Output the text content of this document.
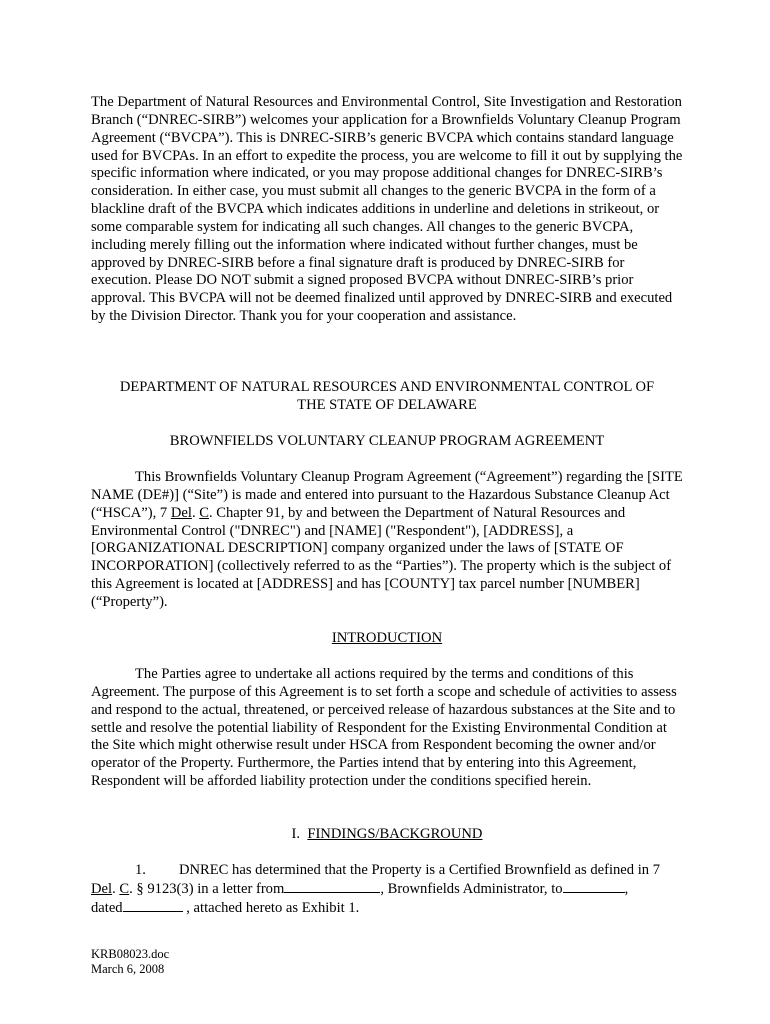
The Department of Natural Resources and Environmental Control, Site Investigation and Restoration Branch (“DNREC-SIRB”) welcomes your application for a Brownfields Voluntary Cleanup Program Agreement (“BVCPA”). This is DNREC-SIRB’s generic BVCPA which contains standard language used for BVCPAs. In an effort to expedite the process, you are welcome to fill it out by supplying the specific information where indicated, or you may propose additional changes for DNREC-SIRB’s consideration. In either case, you must submit all changes to the generic BVCPA in the form of a blackline draft of the BVCPA which indicates additions in underline and deletions in strikeout, or some comparable system for indicating all such changes. All changes to the generic BVCPA, including merely filling out the information where indicated without further changes, must be approved by DNREC-SIRB before a final signature draft is produced by DNREC-SIRB for execution. Please DO NOT submit a signed proposed BVCPA without DNREC-SIRB’s prior approval. This BVCPA will not be deemed finalized until approved by DNREC-SIRB and executed by the Division Director. Thank you for your cooperation and assistance.

DEPARTMENT OF NATURAL RESOURCES AND ENVIRONMENTAL CONTROL OF
THE STATE OF DELAWARE
BROWNFIELDS VOLUNTARY CLEANUP PROGRAM AGREEMENT

This Brownfields Voluntary Cleanup Program Agreement (“Agreement”) regarding the [SITE NAME (DE#)] (“Site”) is made and entered into pursuant to the Hazardous Substance Cleanup Act (“HSCA”), 7 Del. C. Chapter 91, by and between the Department of Natural Resources and Environmental Control ("DNREC") and [NAME] ("Respondent"), [ADDRESS], a [ORGANIZATIONAL DESCRIPTION] company organized under the laws of [STATE OF INCORPORATION] (collectively referred to as the “Parties”). The property which is the subject of this Agreement is located at [ADDRESS] and has [COUNTY] tax parcel number [NUMBER] (“Property”).

INTRODUCTION

The Parties agree to undertake all actions required by the terms and conditions of this Agreement. The purpose of this Agreement is to set forth a scope and schedule of activities to assess and respond to the actual, threatened, or perceived release of hazardous substances at the Site and to settle and resolve the potential liability of Respondent for the Existing Environmental Condition at the Site which might otherwise result under HSCA from Respondent becoming the owner and/or operator of the Property. Furthermore, the Parties intend that by entering into this Agreement, Respondent will be afforded liability protection under the conditions specified herein.

I. FINDINGS/BACKGROUND

1. DNREC has determined that the Property is a Certified Brownfield as defined in 7 Del. C. § 9123(3) in a letter from	, Brownfields Administrator, to	,
dated	, attached hereto as Exhibit 1.

KRB08023.doc
March 6, 2008
